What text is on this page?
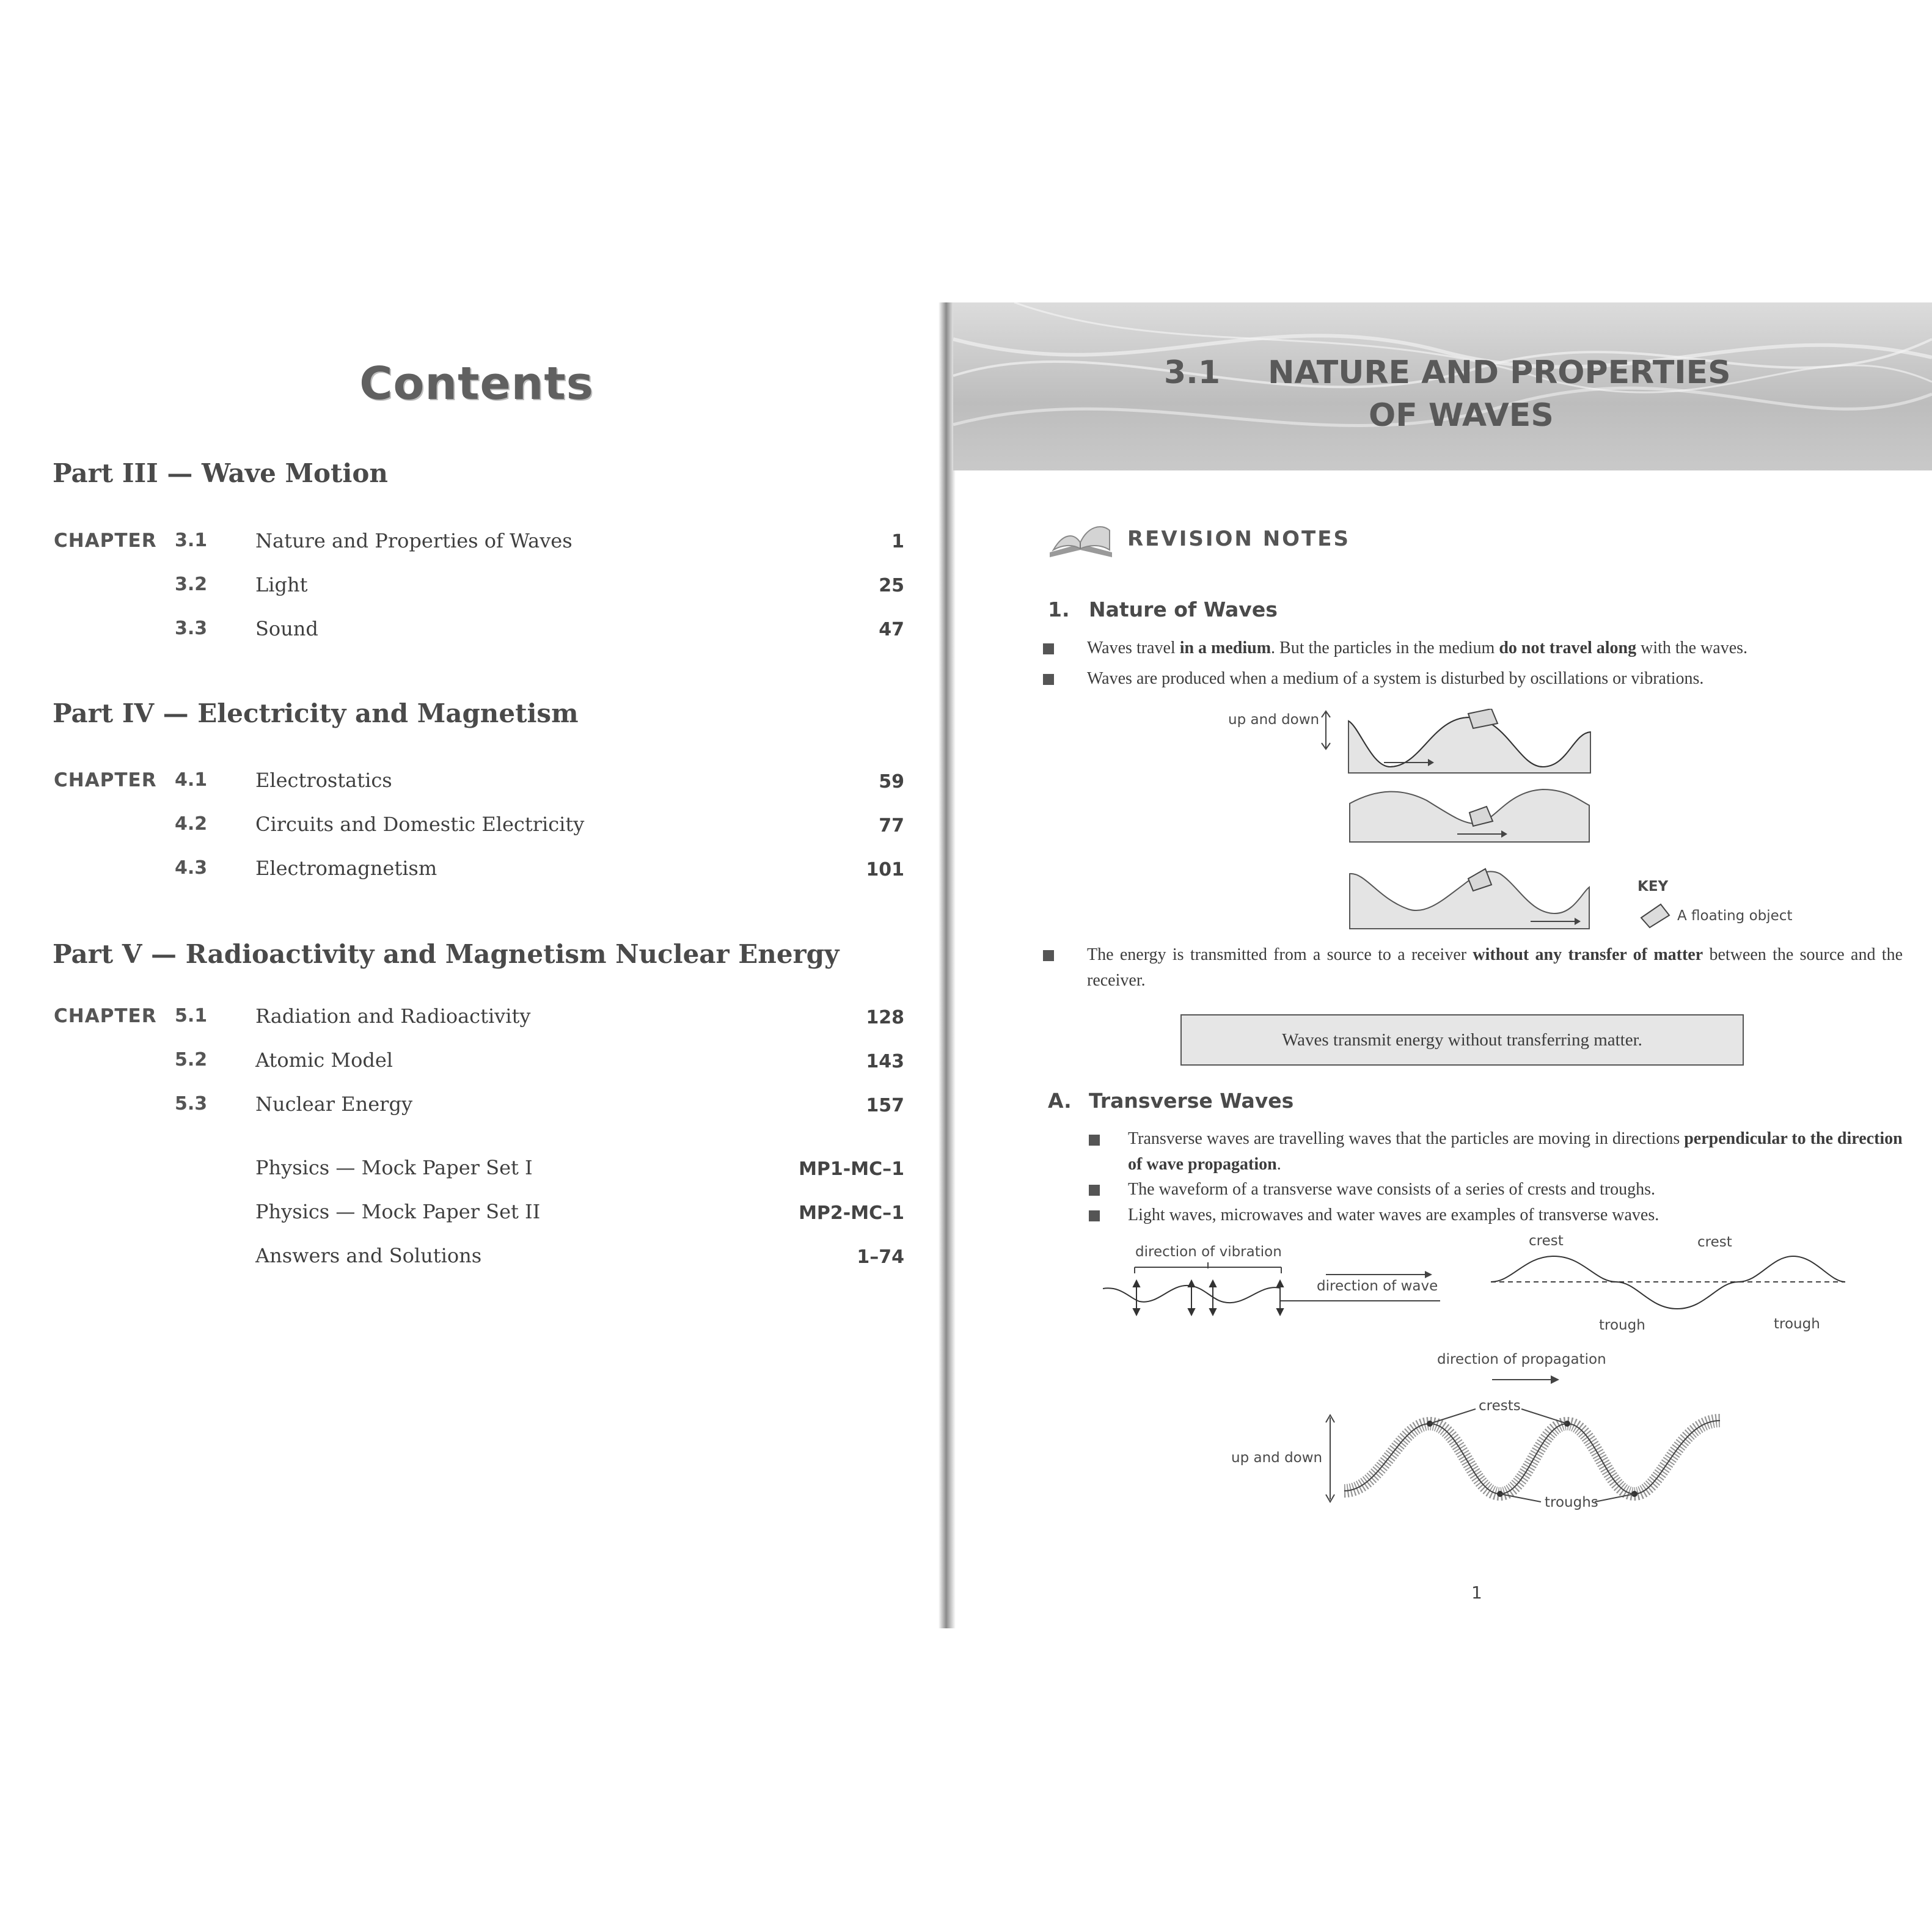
Contents
Part III — Wave Motion
CHAPTER 3.1 Nature and Properties of Waves	1
3.2 Light	25
3.3 Sound	47
Part IV — Electricity and Magnetism
CHAPTER 4.1 Electrostatics	59
4.2 Circuits and Domestic Electricity	77
4.3 Electromagnetism	101
Part V — Radioactivity and Magnetism Nuclear Energy
CHAPTER 5.1 Radiation and Radioactivity	128
5.2 Atomic Model	143
5.3 Nuclear Energy	157
Physics — Mock Paper Set I	MP1-MC–1
Physics — Mock Paper Set II	MP2-MC–1
Answers and Solutions	1–74
3.1 NATURE AND PROPERTIES
OF WAVES
REVISION NOTES
1. Nature of Waves
Waves travel in a medium. But the particles in the medium do not travel along with the waves.
Waves are produced when a medium of a system is disturbed by oscillations or vibrations.
up and down
KEY
A floating object
The energy is transmitted from a source to a receiver without any transfer of matter between the source and the receiver.
Waves transmit energy without transferring matter.
A. Transverse Waves
Transverse waves are travelling waves that the particles are moving in directions perpendicular to the direction of wave propagation.
The waveform of a transverse wave consists of a series of crests and troughs.
Light waves, microwaves and water waves are examples of transverse waves.
direction of vibration
direction of wave
crest	crest
trough	trough
direction of propagation
up and down
crests
troughs
1
